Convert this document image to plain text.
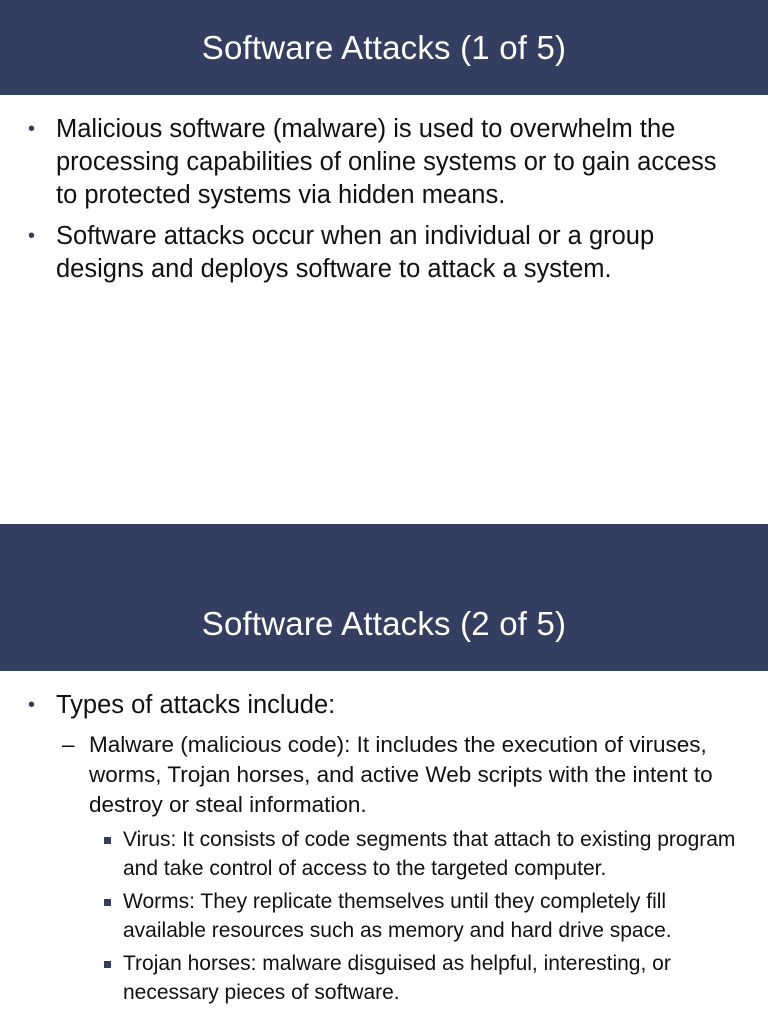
Software Attacks (1 of 5)
• Malicious software (malware) is used to overwhelm the processing capabilities of online systems or to gain access to protected systems via hidden means.
• Software attacks occur when an individual or a group designs and deploys software to attack a system.
Software Attacks (2 of 5)
• Types of attacks include:
– Malware (malicious code): It includes the execution of viruses, worms, Trojan horses, and active Web scripts with the intent to destroy or steal information.
Virus: It consists of code segments that attach to existing program and take control of access to the targeted computer.
Worms: They replicate themselves until they completely fill available resources such as memory and hard drive space.
Trojan horses: malware disguised as helpful, interesting, or necessary pieces of software.
